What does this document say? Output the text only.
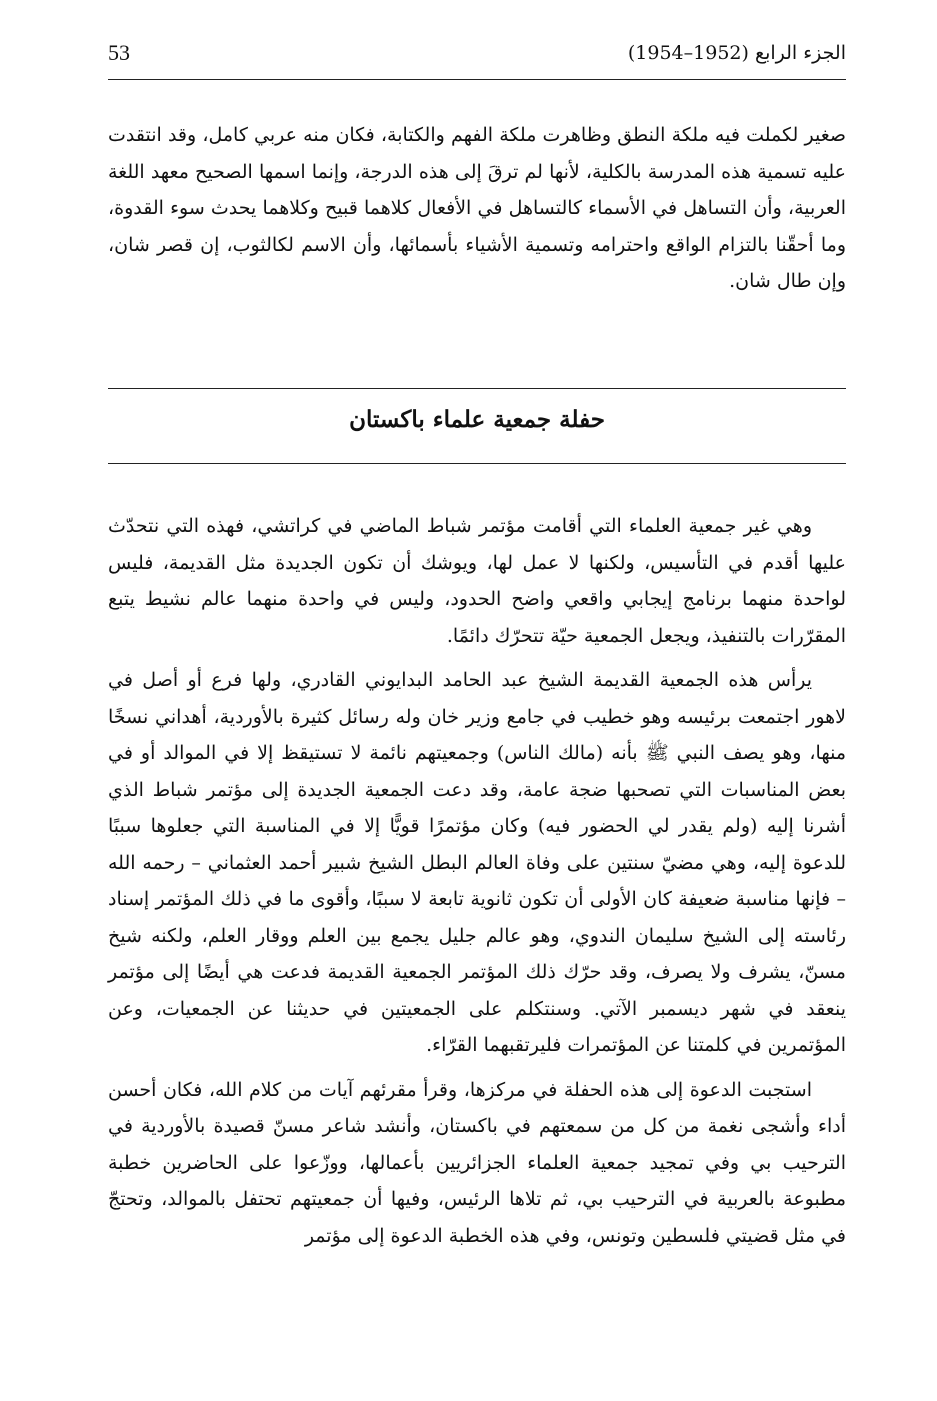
53	الجزء الرابع (1952–1954)

صغير لكملت فيه ملكة النطق وظاهرت ملكة الفهم والكتابة، فكان منه عربي كامل، وقد انتقدت عليه تسمية هذه المدرسة بالكلية، لأنها لم ترقَ إلى هذه الدرجة، وإنما اسمها الصحيح معهد اللغة العربية، وأن التساهل في الأسماء كالتساهل في الأفعال كلاهما قبيح وكلاهما يحدث سوء القدوة، وما أحقّنا بالتزام الواقع واحترامه وتسمية الأشياء بأسمائها، وأن الاسم لكالثوب، إن قصر شان، وإن طال شان.

حفلة جمعية علماء باكستان

وهي غير جمعية العلماء التي أقامت مؤتمر شباط الماضي في كراتشي، فهذه التي نتحدّث عليها أقدم في التأسيس، ولكنها لا عمل لها، ويوشك أن تكون الجديدة مثل القديمة، فليس لواحدة منهما برنامج إيجابي واقعي واضح الحدود، وليس في واحدة منهما عالم نشيط يتبع المقرّرات بالتنفيذ، ويجعل الجمعية حيّة تتحرّك دائمًا.

يرأس هذه الجمعية القديمة الشيخ عبد الحامد البدايوني القادري، ولها فرع أو أصل في لاهور اجتمعت برئيسه وهو خطيب في جامع وزير خان وله رسائل كثيرة بالأوردية، أهداني نسخًا منها، وهو يصف النبي ﷺ بأنه (مالك الناس) وجمعيتهم نائمة لا تستيقظ إلا في الموالد أو في بعض المناسبات التي تصحبها ضجة عامة، وقد دعت الجمعية الجديدة إلى مؤتمر شباط الذي أشرنا إليه (ولم يقدر لي الحضور فيه) وكان مؤتمرًا قويًّا إلا في المناسبة التي جعلوها سببًا للدعوة إليه، وهي مضيّ سنتين على وفاة العالم البطل الشيخ شبير أحمد العثماني – رحمه الله – فإنها مناسبة ضعيفة كان الأولى أن تكون ثانوية تابعة لا سببًا، وأقوى ما في ذلك المؤتمر إسناد رئاسته إلى الشيخ سليمان الندوي، وهو عالم جليل يجمع بين العلم ووقار العلم، ولكنه شيخ مسنّ، يشرف ولا يصرف، وقد حرّك ذلك المؤتمر الجمعية القديمة فدعت هي أيضًا إلى مؤتمر ينعقد في شهر ديسمبر الآتي. وسنتكلم على الجمعيتين في حديثنا عن الجمعيات، وعن المؤتمرين في كلمتنا عن المؤتمرات فليرتقبهما القرّاء.

استجبت الدعوة إلى هذه الحفلة في مركزها، وقرأ مقرئهم آيات من كلام الله، فكان أحسن أداء وأشجى نغمة من كل من سمعتهم في باكستان، وأنشد شاعر مسنّ قصيدة بالأوردية في الترحيب بي وفي تمجيد جمعية العلماء الجزائريين بأعمالها، ووزّعوا على الحاضرين خطبة مطبوعة بالعربية في الترحيب بي، ثم تلاها الرئيس، وفيها أن جمعيتهم تحتفل بالموالد، وتحتجّ في مثل قضيتي فلسطين وتونس، وفي هذه الخطبة الدعوة إلى مؤتمر
